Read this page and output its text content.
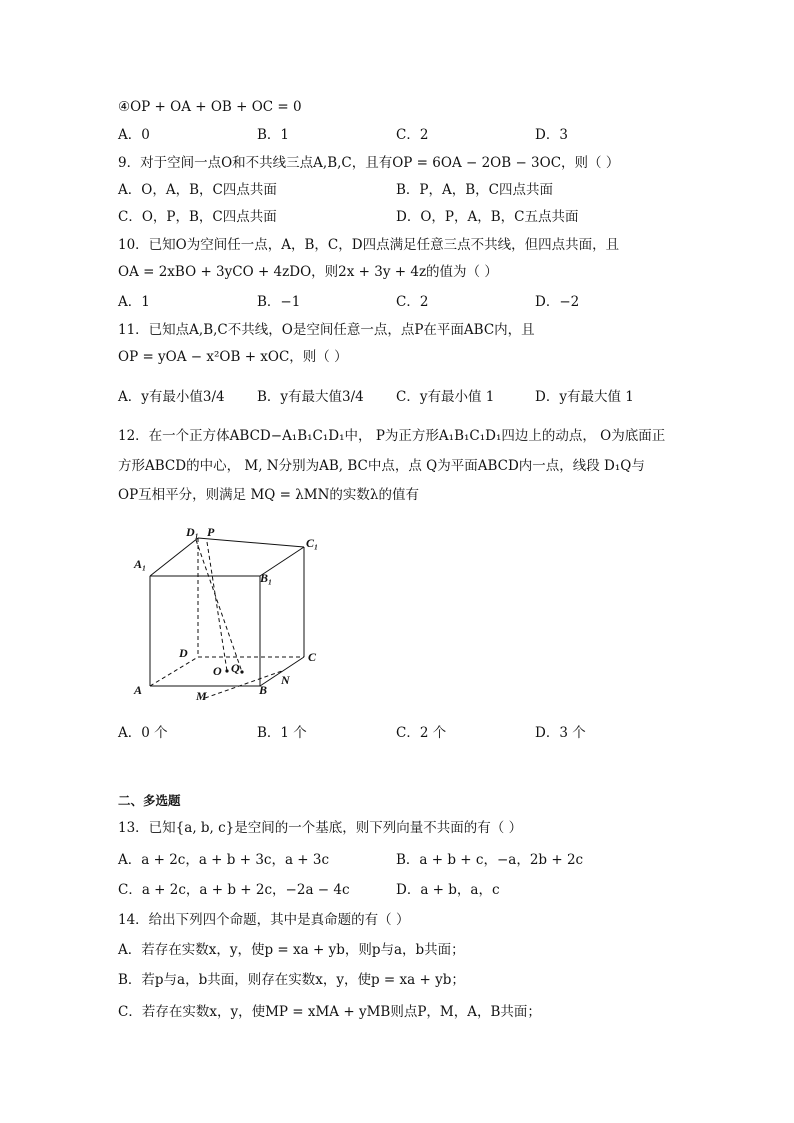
④OP + OA + OB + OC = 0
A．0	B．1	C．2	D．3
9．对于空间一点O和不共线三点A,B,C，且有OP = 6OA − 2OB − 3OC，则（ ）
A．O，A，B，C四点共面	B．P，A，B，C四点共面
C．O，P，B，C四点共面	D．O，P，A，B，C五点共面
10．已知O为空间任一点，A，B，C，D四点满足任意三点不共线，但四点共面，且
OA = 2xBO + 3yCO + 4zDO，则2x + 3y + 4z的值为（ ）
A．1	B．−1	C．2	D．−2
11．已知点A,B,C不共线，O是空间任意一点，点P在平面ABC内，且
OP = yOA − x²OB + xOC，则（ ）
A．y有最小值3/4 B．y有最大值3/4 C．y有最小值 1	D．y有最大值 1
12．在一个正方体ABCD−A₁B₁C₁D₁中， P为正方形A₁B₁C₁D₁四边上的动点， O为底面正
方形ABCD的中心， M, N分别为AB, BC中点，点 Q为平面ABCD内一点，线段 D₁Q与
OP互相平分，则满足 MQ = λMN的实数λ的值有
D₁ P
C₁
A₁
B₁
D	C
O Q
A	B
M
N
A．0 个	B．1 个	C．2 个	D．3 个
二、多选题
13．已知{a, b, c}是空间的一个基底，则下列向量不共面的有（ ）
A．a + 2c，a + b + 3c，a + 3c	B．a + b + c，−a，2b + 2c
C．a + 2c，a + b + 2c，−2a − 4c	D．a + b，a，c
14．给出下列四个命题，其中是真命题的有（ ）
A．若存在实数x，y，使p = xa + yb，则p与a，b共面；
B．若p与a，b共面，则存在实数x，y，使p = xa + yb；
C．若存在实数x，y，使MP = xMA + yMB则点P，M，A，B共面；
